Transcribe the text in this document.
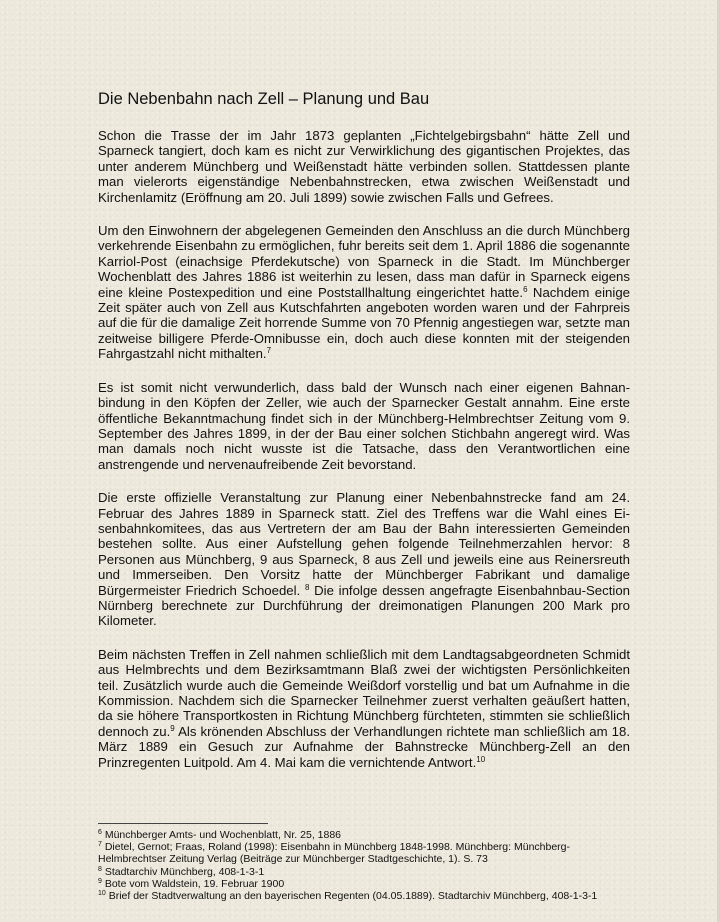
Die Nebenbahn nach Zell – Planung und Bau

Schon die Trasse der im Jahr 1873 geplanten „Fichtelgebirgsbahn“ hätte Zell und Sparneck tangiert, doch kam es nicht zur Verwirklichung des gigantischen Projektes, das unter anderem Münchberg und Weißenstadt hätte verbinden sollen. Stattdessen plante man vielerorts eigenständige Nebenbahnstrecken, etwa zwischen Weißenstadt und Kirchenlamitz (Eröffnung am 20. Juli 1899) sowie zwischen Falls und Gefrees.

Um den Einwohnern der abgelegenen Gemeinden den Anschluss an die durch Münchberg verkehrende Eisenbahn zu ermöglichen, fuhr bereits seit dem 1. April 1886 die sogenannte Karriol-Post (einachsige Pferdekutsche) von Sparneck in die Stadt. Im Münchberger Wochenblatt des Jahres 1886 ist weiterhin zu lesen, dass man dafür in Sparneck eigens eine kleine Postexpedition und eine Poststallhaltung eingerichtet hatte.$^6$ Nachdem einige Zeit später auch von Zell aus Kutschfahrten angeboten worden waren und der Fahrpreis auf die für die damalige Zeit horrende Summe von 70 Pfennig angestiegen war, setzte man zeitweise billigere Pferde-Omnibusse ein, doch auch diese konnten mit der steigenden Fahrgastzahl nicht mithalten.$^7$

Es ist somit nicht verwunderlich, dass bald der Wunsch nach einer eigenen Bahnanbindung in den Köpfen der Zeller, wie auch der Sparnecker Gestalt annahm. Eine erste öffentliche Bekanntmachung findet sich in der Münchberg-Helmbrechtser Zeitung vom 9. September des Jahres 1899, in der der Bau einer solchen Stichbahn angeregt wird. Was man damals noch nicht wusste ist die Tatsache, dass den Verantwortlichen eine anstrengende und nervenaufreibende Zeit bevorstand.

Die erste offizielle Veranstaltung zur Planung einer Nebenbahnstrecke fand am 24. Februar des Jahres 1889 in Sparneck statt. Ziel des Treffens war die Wahl eines Eisenbahnkomitees, das aus Vertretern der am Bau der Bahn interessierten Gemeinden bestehen sollte. Aus einer Aufstellung gehen folgende Teilnehmerzahlen hervor: 8 Personen aus Münchberg, 9 aus Sparneck, 8 aus Zell und jeweils eine aus Reinersreuth und Immerseiben. Den Vorsitz hatte der Münchberger Fabrikant und damalige Bürgermeister Friedrich Schoedel. $^8$ Die infolge dessen angefragte Eisenbahnbau-Section Nürnberg berechnete zur Durchführung der dreimonatigen Planungen 200 Mark pro Kilometer.

Beim nächsten Treffen in Zell nahmen schließlich mit dem Landtagsabgeordneten Schmidt aus Helmbrechts und dem Bezirksamtmann Blaß zwei der wichtigsten Persönlichkeiten teil. Zusätzlich wurde auch die Gemeinde Weißdorf vorstellig und bat um Aufnahme in die Kommission. Nachdem sich die Sparnecker Teilnehmer zuerst verhalten geäußert hatten, da sie höhere Transportkosten in Richtung Münchberg fürchteten, stimmten sie schließlich dennoch zu.$^9$ Als krönenden Abschluss der Verhandlungen richtete man schließlich am 18. März 1889 ein Gesuch zur Aufnahme der Bahnstrecke Münchberg-Zell an den Prinzregenten Luitpold. Am 4. Mai kam die vernichtende Antwort.$^{10}$

$^6$ Münchberger Amts- und Wochenblatt, Nr. 25, 1886
$^7$ Dietel, Gernot; Fraas, Roland (1998): Eisenbahn in Münchberg 1848-1998. Münchberg: Münchberg-Helmbrechtser Zeitung Verlag (Beiträge zur Münchberger Stadtgeschichte, 1). S. 73
$^8$ Stadtarchiv Münchberg, 408-1-3-1
$^9$ Bote vom Waldstein, 19. Februar 1900
$^{10}$ Brief der Stadtverwaltung an den bayerischen Regenten (04.05.1889). Stadtarchiv Münchberg, 408-1-3-1
